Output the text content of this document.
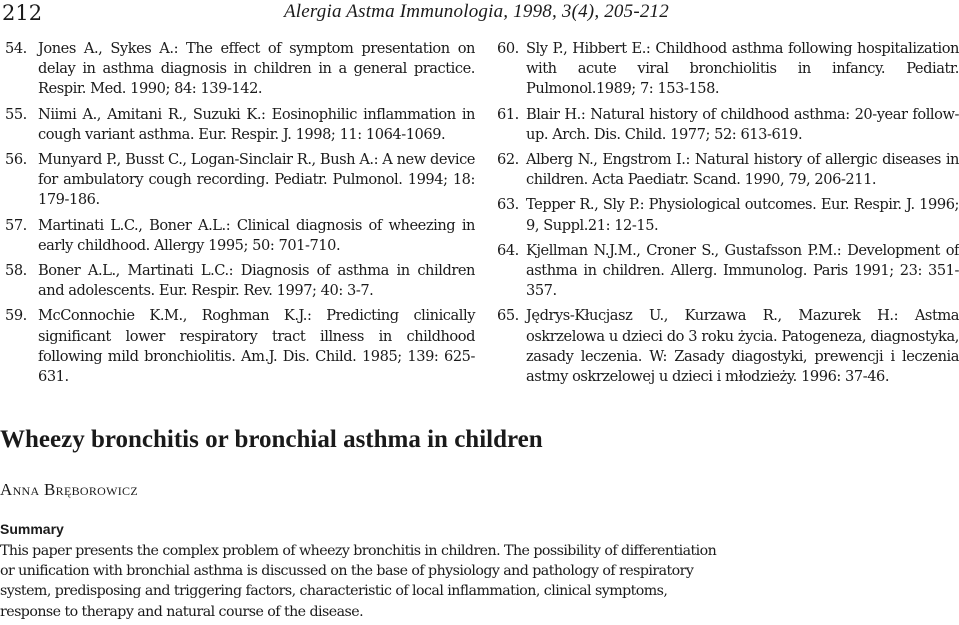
212	Alergia Astma Immunologia, 1998, 3(4), 205-212
54. Jones A., Sykes A.: The effect of symptom presentation on delay in asthma diagnosis in children in a general practice. Respir. Med. 1990; 84: 139-142.
55. Niimi A., Amitani R., Suzuki K.: Eosinophilic inflammation in cough variant asthma. Eur. Respir. J. 1998; 11: 1064-1069.
56. Munyard P., Busst C., Logan-Sinclair R., Bush A.: A new device for ambulatory cough recording. Pediatr. Pulmonol. 1994; 18: 179-186.
57. Martinati L.C., Boner A.L.: Clinical diagnosis of wheezing in early childhood. Allergy 1995; 50: 701-710.
58. Boner A.L., Martinati L.C.: Diagnosis of asthma in children and adolescents. Eur. Respir. Rev. 1997; 40: 3-7.
59. McConnochie K.M., Roghman K.J.: Predicting clinically significant lower respiratory tract illness in childhood following mild bronchiolitis. Am.J. Dis. Child. 1985; 139: 625-631.
60. Sly P., Hibbert E.: Childhood asthma following hospitalization with acute viral bronchiolitis in infancy. Pediatr. Pulmonol.1989; 7: 153-158.
61. Blair H.: Natural history of childhood asthma: 20-year follow-up. Arch. Dis. Child. 1977; 52: 613-619.
62. Alberg N., Engstrom I.: Natural history of allergic diseases in children. Acta Paediatr. Scand. 1990, 79, 206-211.
63. Tepper R., Sly P.: Physiological outcomes. Eur. Respir. J. 1996; 9, Suppl.21: 12-15.
64. Kjellman N.J.M., Croner S., Gustafsson P.M.: Development of asthma in children. Allerg. Immunolog. Paris 1991; 23: 351-357.
65. Jędrys-Kłucjasz U., Kurzawa R., Mazurek H.: Astma oskrzelowa u dzieci do 3 roku życia. Patogeneza, diagnostyka, zasady leczenia. W: Zasady diagostyki, prewencji i leczenia astmy oskrzelowej u dzieci i młodzieży. 1996: 37-46.
Wheezy bronchitis or bronchial asthma in children
Anna Bręborowicz
Summary
This paper presents the complex problem of wheezy bronchitis in children. The possibility of differentiation or unification with bronchial asthma is discussed on the base of physiology and pathology of respiratory system, predisposing and triggering factors, characteristic of local inflammation, clinical symptoms, response to therapy and natural course of the disease.
